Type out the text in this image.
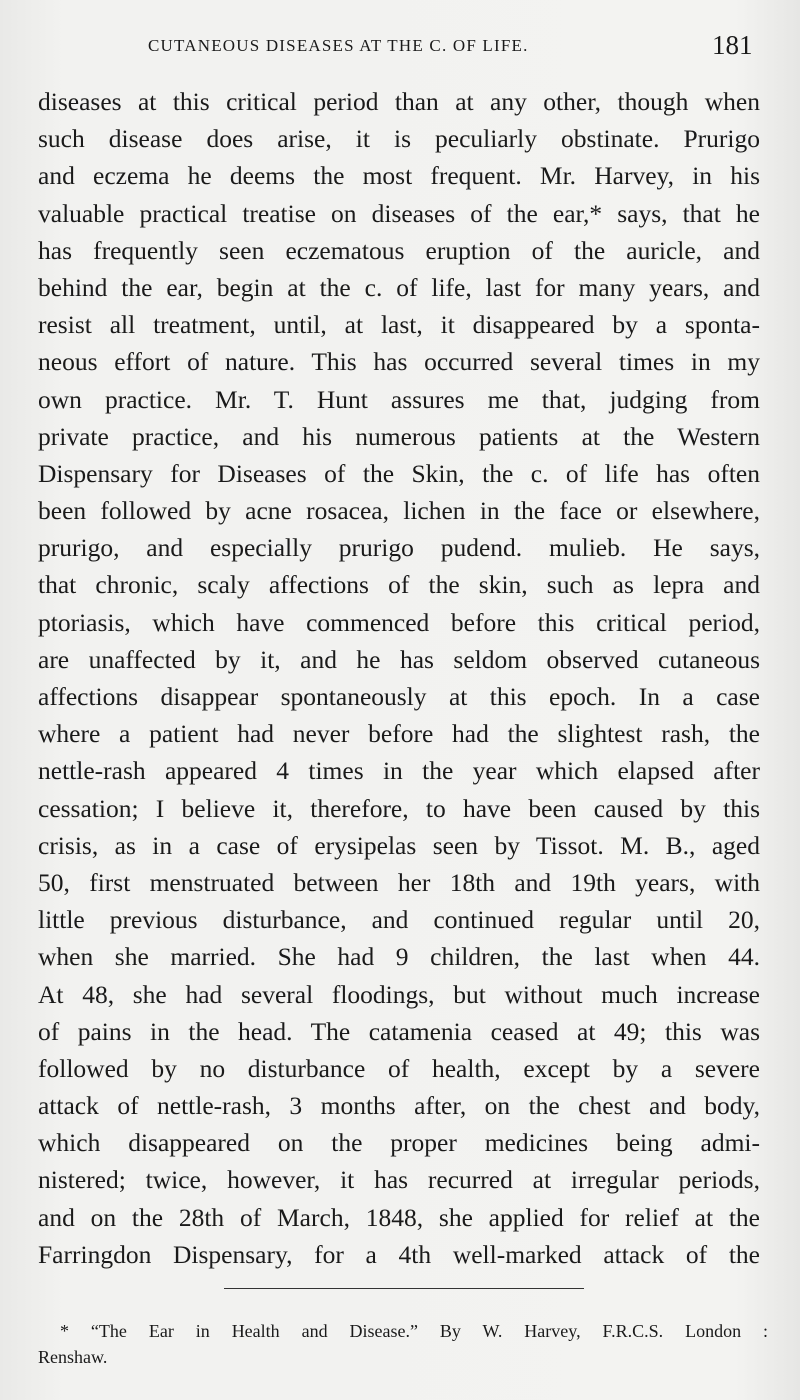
CUTANEOUS DISEASES AT THE C. OF LIFE.	181
diseases at this critical period than at any other, though when
such disease does arise, it is peculiarly obstinate. Prurigo
and eczema he deems the most frequent. Mr. Harvey, in his
valuable practical treatise on diseases of the ear,* says, that he
has frequently seen eczematous eruption of the auricle, and
behind the ear, begin at the c. of life, last for many years, and
resist all treatment, until, at last, it disappeared by a sponta-
neous effort of nature. This has occurred several times in my
own practice. Mr. T. Hunt assures me that, judging from
private practice, and his numerous patients at the Western
Dispensary for Diseases of the Skin, the c. of life has often
been followed by acne rosacea, lichen in the face or elsewhere,
prurigo, and especially prurigo pudend. mulieb. He says,
that chronic, scaly affections of the skin, such as lepra and
ptoriasis, which have commenced before this critical period,
are unaffected by it, and he has seldom observed cutaneous
affections disappear spontaneously at this epoch. In a case
where a patient had never before had the slightest rash, the
nettle-rash appeared 4 times in the year which elapsed after
cessation; I believe it, therefore, to have been caused by this
crisis, as in a case of erysipelas seen by Tissot. M. B., aged
50, first menstruated between her 18th and 19th years, with
little previous disturbance, and continued regular until 20,
when she married. She had 9 children, the last when 44.
At 48, she had several floodings, but without much increase
of pains in the head. The catamenia ceased at 49; this was
followed by no disturbance of health, except by a severe
attack of nettle-rash, 3 months after, on the chest and body,
which disappeared on the proper medicines being admi-
nistered; twice, however, it has recurred at irregular periods,
and on the 28th of March, 1848, she applied for relief at the
Farringdon Dispensary, for a 4th well-marked attack of the
* “The Ear in Health and Disease.” By W. Harvey, F.R.C.S. London :
Renshaw.
